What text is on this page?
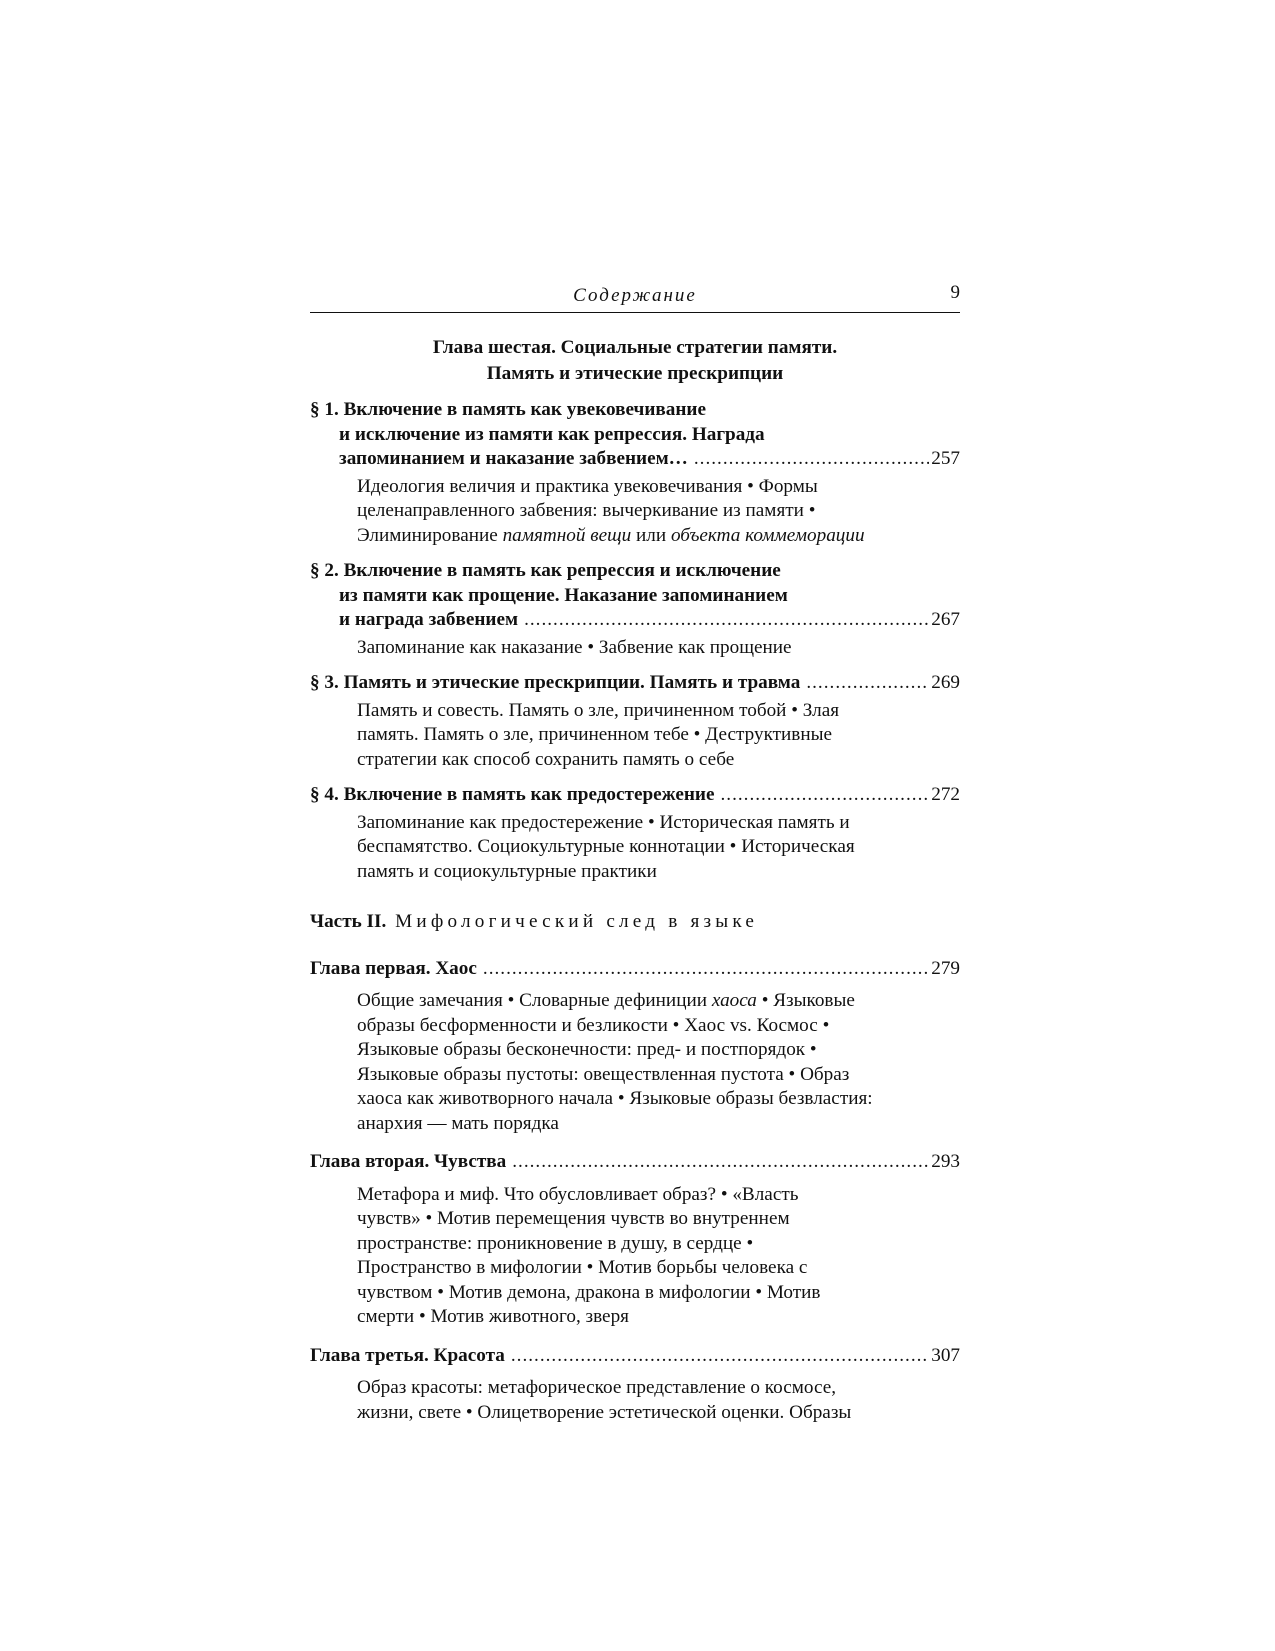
Содержание	9
Глава шестая. Социальные стратегии памяти.
Память и этические прескрипции
§ 1. Включение в память как увековечивание
и исключение из памяти как репрессия. Награда
запоминанием и наказание забвением… .....	257
Идеология величия и практика увековечивания • Формы
целенаправленного забвения: вычеркивание из памяти •
Элиминирование памятной вещи или объекта коммеморации
§ 2. Включение в память как репрессия и исключение
из памяти как прощение. Наказание запоминанием
и награда забвением .....	267
Запоминание как наказание • Забвение как прощение
§ 3. Память и этические прескрипции. Память и травма .....	269
Память и совесть. Память о зле, причиненном тобой • Злая
память. Память о зле, причиненном тебе • Деструктивные
стратегии как способ сохранить память о себе
§ 4. Включение в память как предостережение .....	272
Запоминание как предостережение • Историческая память и
беспамятство. Социокультурные коннотации • Историческая
память и социокультурные практики
Часть II. Мифологический след в языке
Глава первая. Хаос .....	279
Общие замечания • Словарные дефиниции хаоса • Языковые
образы бесформенности и безликости • Хаос vs. Космос •
Языковые образы бесконечности: пред- и постпорядок •
Языковые образы пустоты: овеществленная пустота • Образ
хаоса как животворного начала • Языковые образы безвластия:
анархия — мать порядка
Глава вторая. Чувства .....	293
Метафора и миф. Что обусловливает образ? • «Власть
чувств» • Мотив перемещения чувств во внутреннем
пространстве: проникновение в душу, в сердце •
Пространство в мифологии • Мотив борьбы человека с
чувством • Мотив демона, дракона в мифологии • Мотив
смерти • Мотив животного, зверя
Глава третья. Красота .....	307
Образ красоты: метафорическое представление о космосе,
жизни, свете • Олицетворение эстетической оценки. Образы
